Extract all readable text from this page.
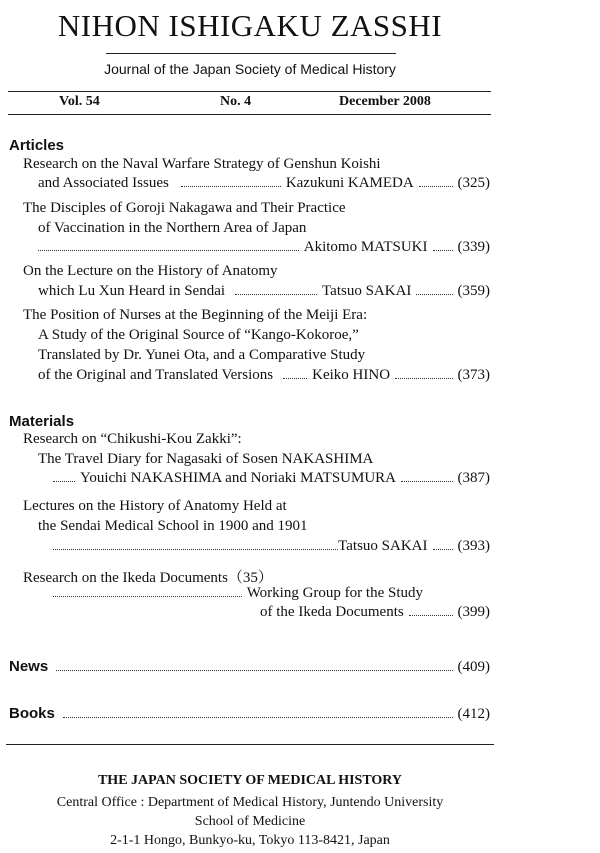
NIHON ISHIGAKU ZASSHI
Journal of the Japan Society of Medical History
Vol. 54	No. 4	December 2008
Articles
Research on the Naval Warfare Strategy of Genshun Koishi
and Associated Issues	Kazukuni KAMEDA	(325)
The Disciples of Goroji Nakagawa and Their Practice
of Vaccination in the Northern Area of Japan
Akitomo MATSUKI (339)
On the Lecture on the History of Anatomy
which Lu Xun Heard in Sendai	Tatsuo SAKAI	(359)
The Position of Nurses at the Beginning of the Meiji Era:
A Study of the Original Source of “Kango-Kokoroe,”
Translated by Dr. Yunei Ota, and a Comparative Study
of the Original and Translated Versions	Keiko HINO	(373)
Materials
Research on “Chikushi-Kou Zakki”:
The Travel Diary for Nagasaki of Sosen NAKASHIMA
Youichi NAKASHIMA and Noriaki MATSUMURA	(387)
Lectures on the History of Anatomy Held at
the Sendai Medical School in 1900 and 1901
Tatsuo SAKAI (393)
Research on the Ikeda Documents（35）
Working Group for the Study
of the Ikeda Documents	(399)
News	(409)
Books	(412)
THE JAPAN SOCIETY OF MEDICAL HISTORY
Central Office : Department of Medical History, Juntendo University
School of Medicine
2-1-1 Hongo, Bunkyo-ku, Tokyo 113-8421, Japan
